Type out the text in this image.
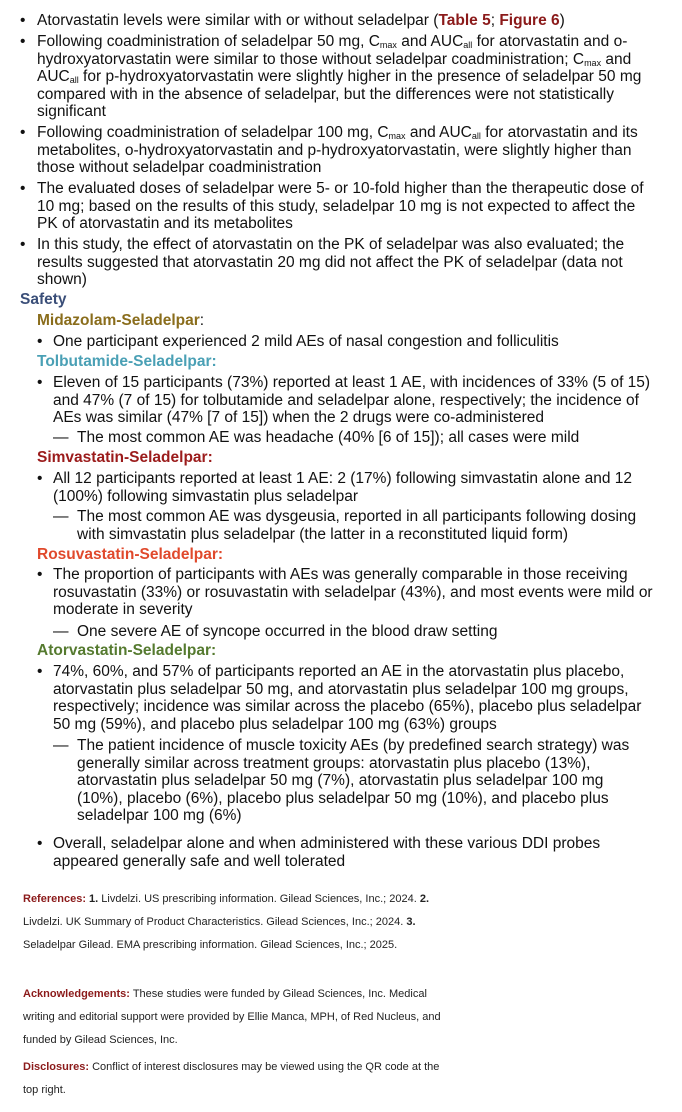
• Atorvastatin levels were similar with or without seladelpar (Table 5; Figure 6)
• Following coadministration of seladelpar 50 mg, $C_{max}$ and $AUC_{all}$ for atorvastatin and o-hydroxyatorvastatin were similar to those without seladelpar coadministration; $C_{max}$ and $AUC_{all}$ for p-hydroxyatorvastatin were slightly higher in the presence of seladelpar 50 mg compared with in the absence of seladelpar, but the differences were not statistically significant
• Following coadministration of seladelpar 100 mg, $C_{max}$ and $AUC_{all}$ for atorvastatin and its metabolites, o-hydroxyatorvastatin and p-hydroxyatorvastatin, were slightly higher than those without seladelpar coadministration
• The evaluated doses of seladelpar were 5- or 10-fold higher than the therapeutic dose of 10 mg; based on the results of this study, seladelpar 10 mg is not expected to affect the PK of atorvastatin and its metabolites
• In this study, the effect of atorvastatin on the PK of seladelpar was also evaluated; the results suggested that atorvastatin 20 mg did not affect the PK of seladelpar (data not shown)
Safety
Midazolam-Seladelpar:
• One participant experienced 2 mild AEs of nasal congestion and folliculitis
Tolbutamide-Seladelpar:
• Eleven of 15 participants (73%) reported at least 1 AE, with incidences of 33% (5 of 15) and 47% (7 of 15) for tolbutamide and seladelpar alone, respectively; the incidence of AEs was similar (47% [7 of 15]) when the 2 drugs were co-administered
— The most common AE was headache (40% [6 of 15]); all cases were mild
Simvastatin-Seladelpar:
• All 12 participants reported at least 1 AE: 2 (17%) following simvastatin alone and 12 (100%) following simvastatin plus seladelpar
— The most common AE was dysgeusia, reported in all participants following dosing with simvastatin plus seladelpar (the latter in a reconstituted liquid form)
Rosuvastatin-Seladelpar:
• The proportion of participants with AEs was generally comparable in those receiving rosuvastatin (33%) or rosuvastatin with seladelpar (43%), and most events were mild or moderate in severity
— One severe AE of syncope occurred in the blood draw setting
Atorvastatin-Seladelpar:
• 74%, 60%, and 57% of participants reported an AE in the atorvastatin plus placebo, atorvastatin plus seladelpar 50 mg, and atorvastatin plus seladelpar 100 mg groups, respectively; incidence was similar across the placebo (65%), placebo plus seladelpar 50 mg (59%), and placebo plus seladelpar 100 mg (63%) groups
— The patient incidence of muscle toxicity AEs (by predefined search strategy) was generally similar across treatment groups: atorvastatin plus placebo (13%), atorvastatin plus seladelpar 50 mg (7%), atorvastatin plus seladelpar 100 mg (10%), placebo (6%), placebo plus seladelpar 50 mg (10%), and placebo plus seladelpar 100 mg (6%)
• Overall, seladelpar alone and when administered with these various DDI probes appeared generally safe and well tolerated
References: 1. Livdelzi. US prescribing information. Gilead Sciences, Inc.; 2024. 2. Livdelzi. UK Summary of Product Characteristics. Gilead Sciences, Inc.; 2024. 3. Seladelpar Gilead. EMA prescribing information. Gilead Sciences, Inc.; 2025.
Acknowledgements: These studies were funded by Gilead Sciences, Inc. Medical writing and editorial support were provided by Ellie Manca, MPH, of Red Nucleus, and funded by Gilead Sciences, Inc.
Disclosures: Conflict of interest disclosures may be viewed using the QR code at the top right.
